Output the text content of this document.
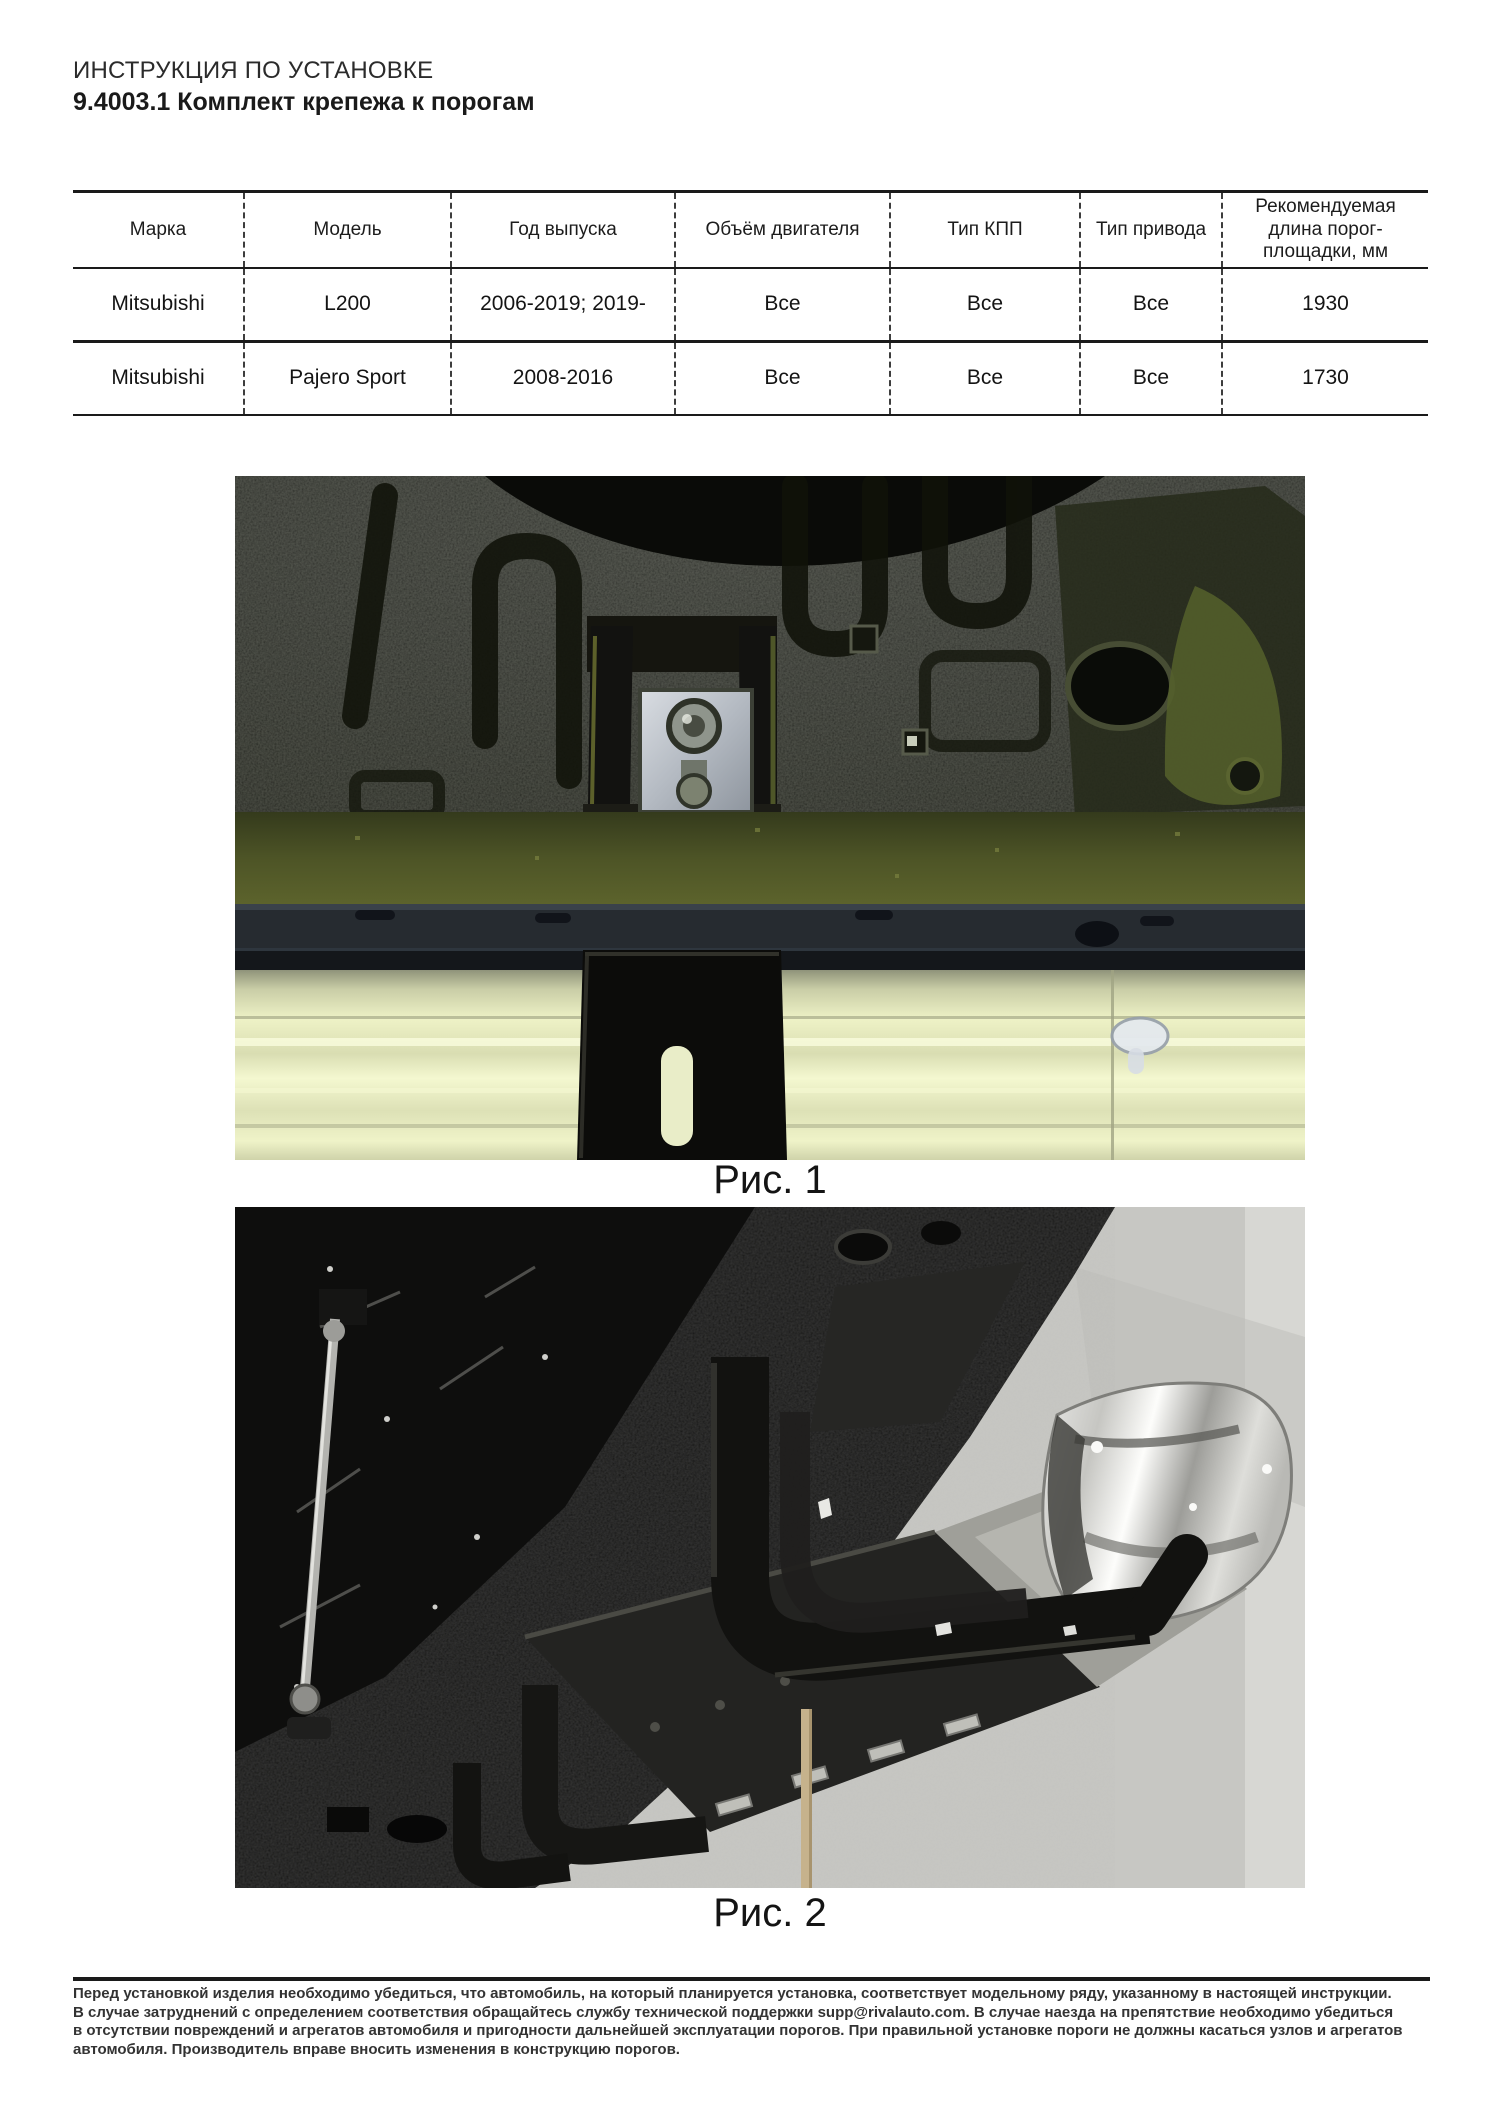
ИНСТРУКЦИЯ ПО УСТАНОВКЕ
9.4003.1 Комплект крепежа к порогам
Марка	Модель	Год выпуска	Объём двигателя	Тип КПП	Тип привода	Рекомендуемая длина порог-площадки, мм
Mitsubishi	L200	2006-2019; 2019-	Все	Все	Все	1930
Mitsubishi	Pajero Sport	2008-2016	Все	Все	Все	1730
Рис. 1
Рис. 2
Перед установкой изделия необходимо убедиться, что автомобиль, на который планируется установка, соответствует модельному ряду, указанному в настоящей инструкции.
В случае затруднений с определением соответствия обращайтесь службу технической поддержки supp@rivalauto.com. В случае наезда на препятствие необходимо убедиться
в отсутствии повреждений и агрегатов автомобиля и пригодности дальнейшей эксплуатации порогов. При правильной установке пороги не должны касаться узлов и агрегатов
автомобиля. Производитель вправе вносить изменения в конструкцию порогов.
